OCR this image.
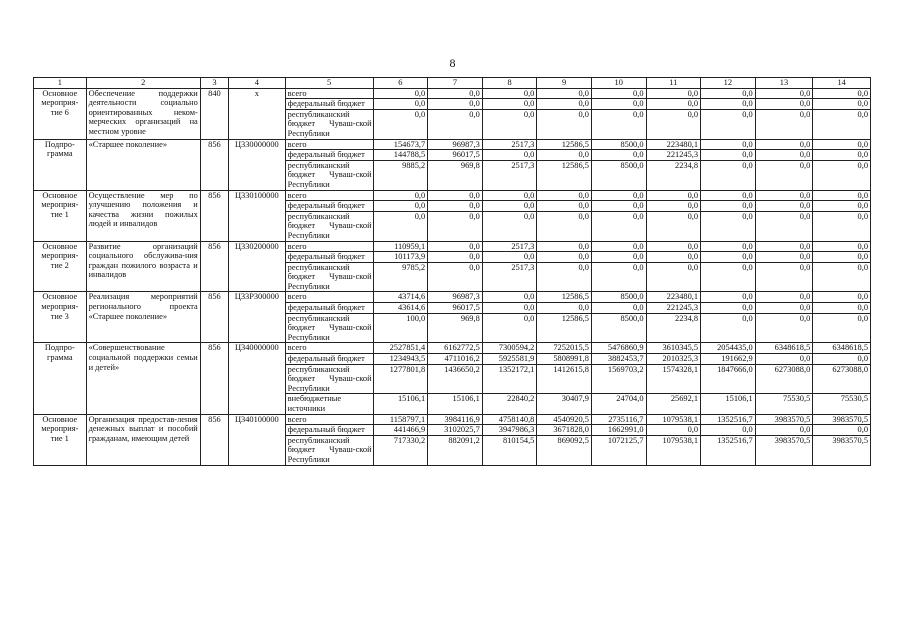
8
1	2	3	4	5	6	7	8	9	10	11	12	13	14
Основное мероприя-тие 6	Обеспечение поддержки деятельности социально ориентированных неком-мерческих организаций на местном уровне	840	x	всего	0,0	0,0	0,0	0,0	0,0	0,0	0,0	0,0	0,0
				федеральный бюджет	0,0	0,0	0,0	0,0	0,0	0,0	0,0	0,0	0,0
				республиканский бюджет Чуваш-ской Республики	0,0	0,0	0,0	0,0	0,0	0,0	0,0	0,0	0,0
Подпро-грамма	«Старшее поколение»	856	Ц330000000	всего	154673,7	96987,3	2517,3	12586,5	8500,0	223480,1	0,0	0,0	0,0
				федеральный бюджет	144788,5	96017,5	0,0	0,0	0,0	221245,3	0,0	0,0	0,0
				республиканский бюджет Чуваш-ской Республики	9885,2	969,8	2517,3	12586,5	8500,0	2234,8	0,0	0,0	0,0
Основное мероприя-тие 1	Осуществление мер по улучшению положения и качества жизни пожилых людей и инвалидов	856	Ц330100000	всего	0,0	0,0	0,0	0,0	0,0	0,0	0,0	0,0	0,0
				федеральный бюджет	0,0	0,0	0,0	0,0	0,0	0,0	0,0	0,0	0,0
				республиканский бюджет Чуваш-ской Республики	0,0	0,0	0,0	0,0	0,0	0,0	0,0	0,0	0,0
Основное мероприя-тие 2	Развитие организаций социального обслужива-ния граждан пожилого возраста и инвалидов	856	Ц330200000	всего	110959,1	0,0	2517,3	0,0	0,0	0,0	0,0	0,0	0,0
				федеральный бюджет	101173,9	0,0	0,0	0,0	0,0	0,0	0,0	0,0	0,0
				республиканский бюджет Чуваш-ской Республики	9785,2	0,0	2517,3	0,0	0,0	0,0	0,0	0,0	0,0
Основное мероприя-тие 3	Реализация мероприятий регионального проекта «Старшее поколение»	856	Ц33Р300000	всего	43714,6	96987,3	0,0	12586,5	8500,0	223480,1	0,0	0,0	0,0
				федеральный бюджет	43614,6	96017,5	0,0	0,0	0,0	221245,3	0,0	0,0	0,0
				республиканский бюджет Чуваш-ской Республики	100,0	969,8	0,0	12586,5	8500,0	2234,8	0,0	0,0	0,0
Подпро-грамма	«Совершенствование социальной поддержки семьи и детей»	856	Ц340000000	всего	2527851,4	6162772,5	7300594,2	7252015,5	5476860,9	3610345,5	2054435,0	6348618,5	6348618,5
				федеральный бюджет	1234943,5	4711016,2	5925581,9	5808991,8	3882453,7	2010325,3	191662,9	0,0	0,0
				республиканский бюджет Чуваш-ской Республики	1277801,8	1436650,2	1352172,1	1412615,8	1569703,2	1574328,1	1847666,0	6273088,0	6273088,0
				внебюджетные источники	15106,1	15106,1	22840,2	30407,9	24704,0	25692,1	15106,1	75530,5	75530,5
Основное мероприя-тие 1	Организация предостав-ления денежных выплат и пособий гражданам, имеющим детей	856	Ц340100000	всего	1158797,1	3984116,9	4758140,8	4540920,5	2735116,7	1079538,1	1352516,7	3983570,5	3983570,5
				федеральный бюджет	441466,9	3102025,7	3947986,3	3671828,0	1662991,0	0,0	0,0	0,0	0,0
				республиканский бюджет Чуваш-ской Республики	717330,2	882091,2	810154,5	869092,5	1072125,7	1079538,1	1352516,7	3983570,5	3983570,5
